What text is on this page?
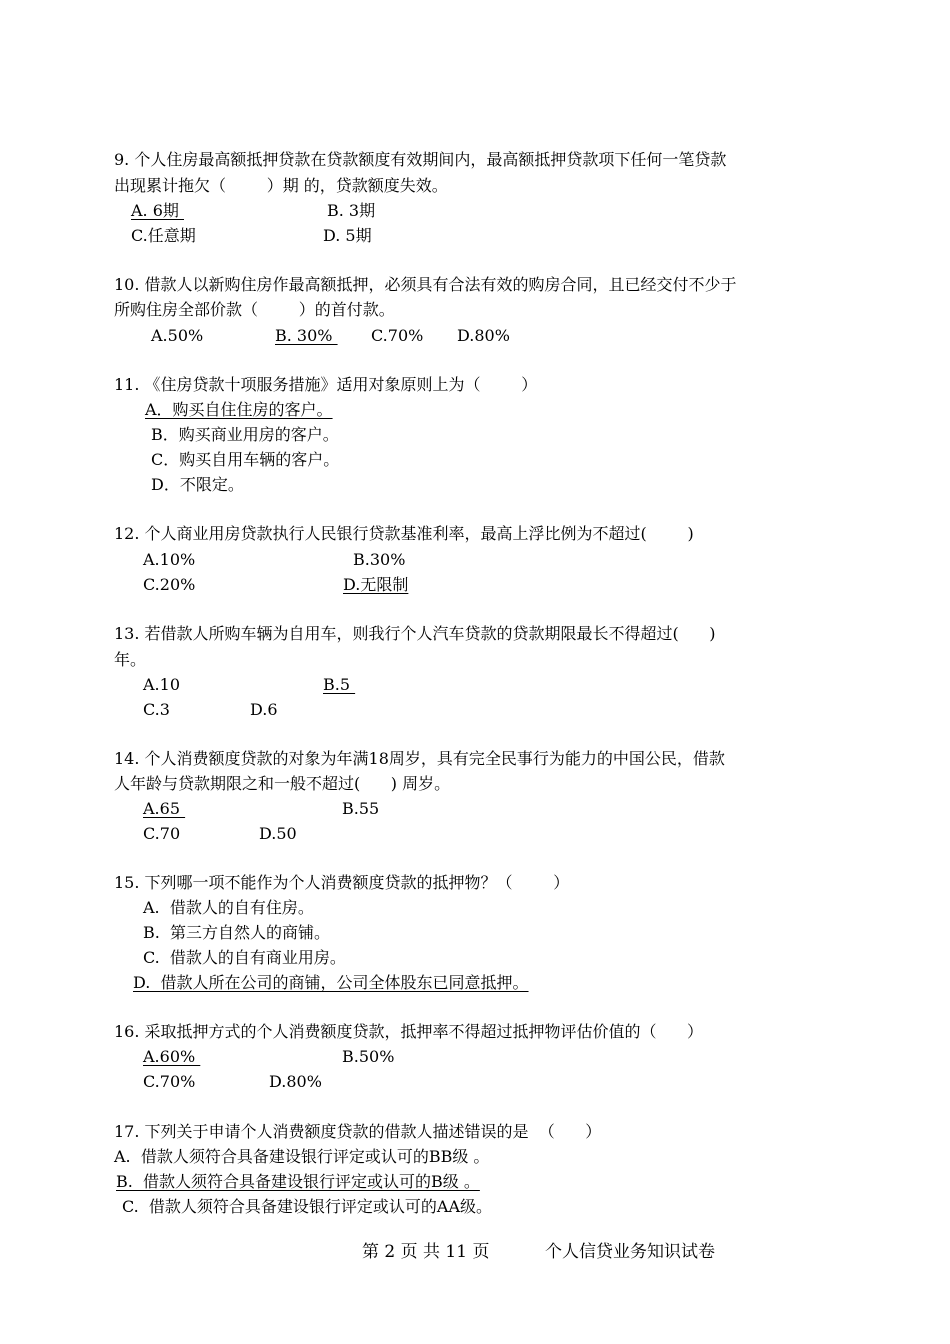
9. 个人住房最高额抵押贷款在贷款额度有效期间内，最高额抵押贷款项下任何一笔贷款
出现累计拖欠（        ）期 的，贷款额度失效。
A. 6期	B. 3期
C.任意期	D. 5期
10. 借款人以新购住房作最高额抵押，必须具有合法有效的购房合同，且已经交付不少于
所购住房全部价款（        ）的首付款。
A.50%	B. 30% C.70% D.80%
11. 《住房贷款十项服务措施》适用对象原则上为（        ）
A．购买自住住房的客户。
B．购买商业用房的客户。
C．购买自用车辆的客户。
D．不限定。
12. 个人商业用房贷款执行人民银行贷款基准利率，最高上浮比例为不超过(        )
A.10%	B.30%
C.20%	D.无限制
13. 若借款人所购车辆为自用车，则我行个人汽车贷款的贷款期限最长不得超过(      )
年。
A.10	B.5
C.3	D.6
14. 个人消费额度贷款的对象为年满18周岁，具有完全民事行为能力的中国公民，借款
人年龄与贷款期限之和一般不超过(      ) 周岁。
A.65	B.55
C.70	D.50
15. 下列哪一项不能作为个人消费额度贷款的抵押物？（        ）
A.  借款人的自有住房。
B.  第三方自然人的商铺。
C.  借款人的自有商业用房。
D.  借款人所在公司的商铺，公司全体股东已同意抵押。
16. 采取抵押方式的个人消费额度贷款，抵押率不得超过抵押物评估价值的（      ）
A.60%	B.50%
C.70%	D.80%
17. 下列关于申请个人消费额度贷款的借款人描述错误的是  （      ）
A.  借款人须符合具备建设银行评定或认可的BB级 。
B.  借款人须符合具备建设银行评定或认可的B级 。
C.  借款人须符合具备建设银行评定或认可的AA级。
第 2 页 共 11 页	个人信贷业务知识试卷
